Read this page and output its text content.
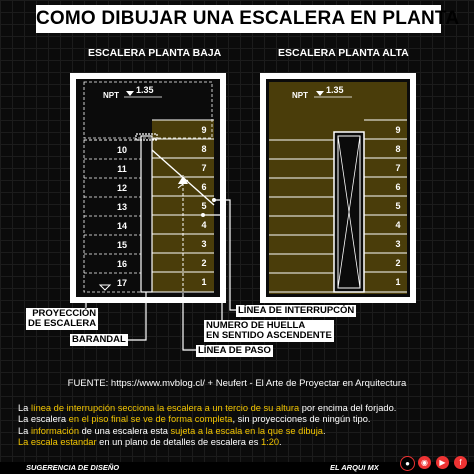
COMO DIBUJAR UNA ESCALERA EN PLANTA
ESCALERA PLANTA BAJA	ESCALERA PLANTA ALTA
NPT
1.35
NPT
1.35
9
8
7
6
5
4
3
2
1
10
11
12
13
14
15
16
17
9
8
7
6
5
4
3
2
1
PROYECCIÓN
DE ESCALERA
BARANDAL
LÍNEA DE INTERRUPCÓN
NUMERO DE HUELLA
EN SENTIDO ASCENDENTE
LÍNEA DE PASO
FUENTE: https://www.mvblog.cl/ + Neufert - El Arte de Proyectar en Arquitectura

La línea de interrupción secciona la escalera a un tercio de su altura por encima del forjado.

La escalera en el piso final se ve de forma completa, sin proyecciones de ningún tipo.

La información de una escalera esta sujeta a la escala en la que se dibuja.

La escala estandar en un plano de detalles de escalera es 1:20.

SUGERENCIA DE DISEÑO	EL ARQUI MX	●	◉	▶	f
